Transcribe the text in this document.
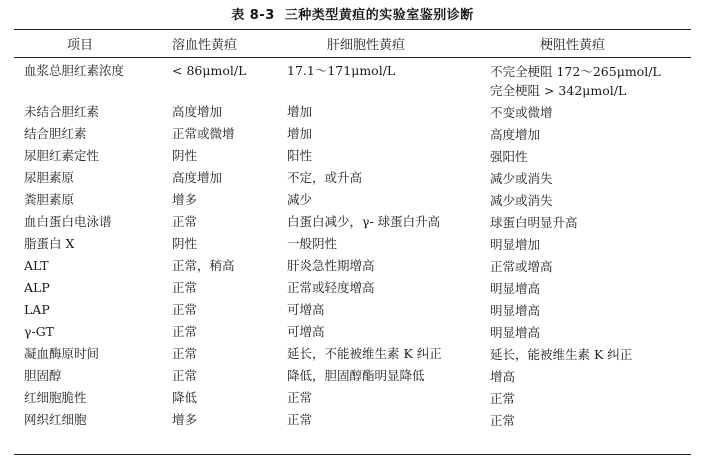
表 8-3 三种类型黄疸的实验室鉴别诊断
项目	溶血性黄疸	肝细胞性黄疸	梗阻性黄疸
血浆总胆红素浓度	< 86μmol/L	17.1～171μmol/L	不完全梗阻 172～265μmol/L
完全梗阻 > 342μmol/L
未结合胆红素	高度增加	增加	不变或微增
结合胆红素	正常或微增	增加	高度增加
尿胆红素定性	阴性	阳性	强阳性
尿胆素原	高度增加	不定，或升高	减少或消失
粪胆素原	增多	减少	减少或消失
血白蛋白电泳谱	正常	白蛋白减少，γ- 球蛋白升高	球蛋白明显升高
脂蛋白 X	阴性	一般阴性	明显增加
ALT	正常，稍高	肝炎急性期增高	正常或增高
ALP	正常	正常或轻度增高	明显增高
LAP	正常	可增高	明显增高
γ-GT	正常	可增高	明显增高
凝血酶原时间	正常	延长，不能被维生素 K 纠正	延长，能被维生素 K 纠正
胆固醇	正常	降低，胆固醇酯明显降低	增高
红细胞脆性	降低	正常	正常
网织红细胞	增多	正常	正常
